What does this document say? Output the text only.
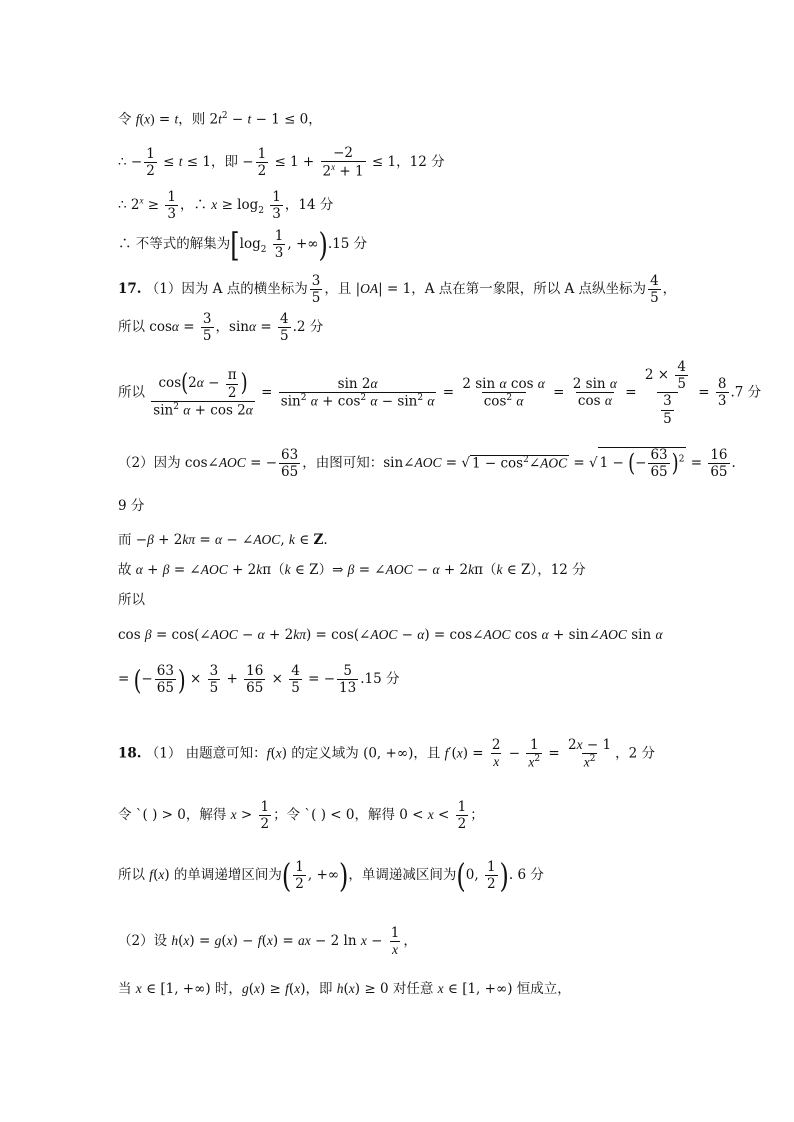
令 f(x) = t，则 $2t^2 - t - 1 \le 0$，
∴ − $\frac{1}{2} \le t \le 1$，即 − $\frac{1}{2} \le 1 + \frac{-2}{2^x + 1} \le 1$，12 分
∴ $2^x \ge \frac{1}{3}$ ，∴ $x \ge \log_2 \frac{1}{3}$ ，14 分
∴ 不等式的解集为[$\log_2 \frac{1}{3}$ , +∞).15 分
17. （1）因为 A 点的横坐标为 $\frac{3}{5}$ ，且 |OA| = 1，A 点在第一象限，所以 A 点纵坐标为 $\frac{4}{5}$ ，
所以 $\cos\alpha = \frac{3}{5}$ ，$\sin\alpha = \frac{4}{5} .2$ 分
所以 $\frac{\cos(2\alpha - \frac{\pi}{2} )}{\sin^2 \alpha + \cos 2\alpha} = \frac{\sin 2\alpha}{\sin^2 \alpha + \cos^2 \alpha - \sin^2 \alpha} = \frac{\text{2 sin α cos α}}{\cos^2 \alpha} = \frac{\text{2 sin α}}{\text{cos α}} = \frac{2 \times \frac{4}{5}}{\frac{3}{5}} = \frac{8}{3} .7$ 分
（2）因为 cos∠AOC = − $\frac{63}{65}$ ，由图可知：sin∠AOC = √ $1 - \cos^2\angle AOC$ = √ 1 − (− $\frac{63}{65} )^2 = \frac{16}{65}$ .
9 分
而 −β + 2kπ = α − ∠AOC, k ∈ Z.
故 α + β = ∠AOC + 2kπ（k ∈ Z）⇒ β = ∠AOC − α + 2kπ（k ∈ Z），12 分
所以
cos β = cos(∠AOC − α + 2kπ) = cos(∠AOC − α) = cos∠AOC cos α + sin∠AOC sin α
= (− $\frac{63}{65}$ ) × $\frac{3}{5} + \frac{16}{65} \times \frac{4}{5}$ = − $\frac{5}{13} .15$ 分
18. （1） 由题意可知：f(x) 的定义域为 (0, +∞)，且 $f'(x) = \frac{2}{x} - \frac{1}{x^2} = \frac{2x - 1}{x^2}$ ，2 分
令 `( ) > 0，解得 $x > \frac{1}{2}$ ；令 `( ) < 0，解得 $0 < x < \frac{1}{2}$ ；
所以 f(x) 的单调递增区间为( $\frac{1}{2}$ , +∞)，单调递减区间为(0, $\frac{1}{2}$ ). 6 分
（2）设 h(x) = g(x) − f(x) = ax − 2 $\ln x - \frac{1}{x}$ ，
当 x ∈ [1, +∞) 时，g(x) ≥ f(x)，即 h(x) ≥ 0 对任意 x ∈ [1, +∞) 恒成立，
